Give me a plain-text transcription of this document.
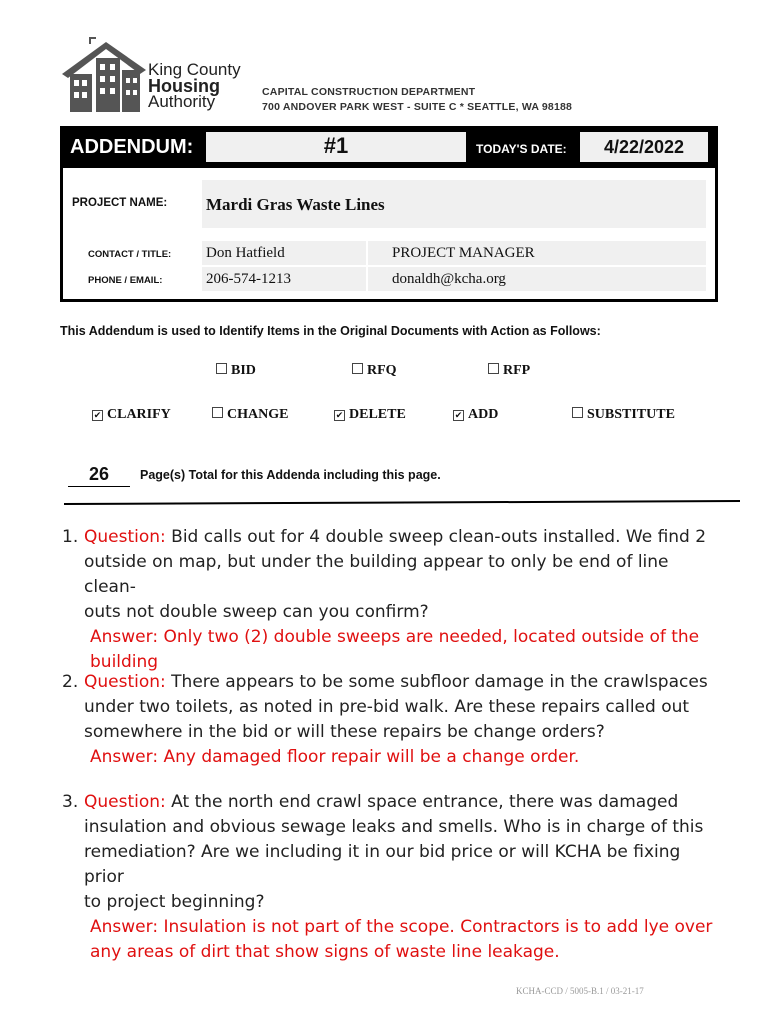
King County
Housing
Authority	CAPITAL CONSTRUCTION DEPARTMENT
700 ANDOVER PARK WEST - SUITE C * SEATTLE, WA 98188
ADDENDUM:	#1	TODAY'S DATE:	4/22/2022
PROJECT NAME: Mardi Gras Waste Lines
CONTACT / TITLE: Don Hatfield	PROJECT MANAGER
PHONE / EMAIL:	206-574-1213	donaldh@kcha.org
This Addendum is used to Identify Items in the Original Documents with Action as Follows:
BID	RFQ	RFP
✔ CLARIFY	CHANGE	✔ DELETE	✔ ADD	SUBSTITUTE
26	Page(s) Total for this Addenda including this page.
1. Question: Bid calls out for 4 double sweep clean-outs installed. We find 2
outside on map, but under the building appear to only be end of line clean-
outs not double sweep can you confirm?
Answer: Only two (2) double sweeps are needed, located outside of the
building
2. Question: There appears to be some subfloor damage in the crawlspaces
under two toilets, as noted in pre-bid walk. Are these repairs called out
somewhere in the bid or will these repairs be change orders?
Answer: Any damaged floor repair will be a change order.
3. Question: At the north end crawl space entrance, there was damaged
insulation and obvious sewage leaks and smells. Who is in charge of this
remediation? Are we including it in our bid price or will KCHA be fixing prior
to project beginning?
Answer: Insulation is not part of the scope. Contractors is to add lye over
any areas of dirt that show signs of waste line leakage.
KCHA-CCD / 5005-B.1 / 03-21-17
